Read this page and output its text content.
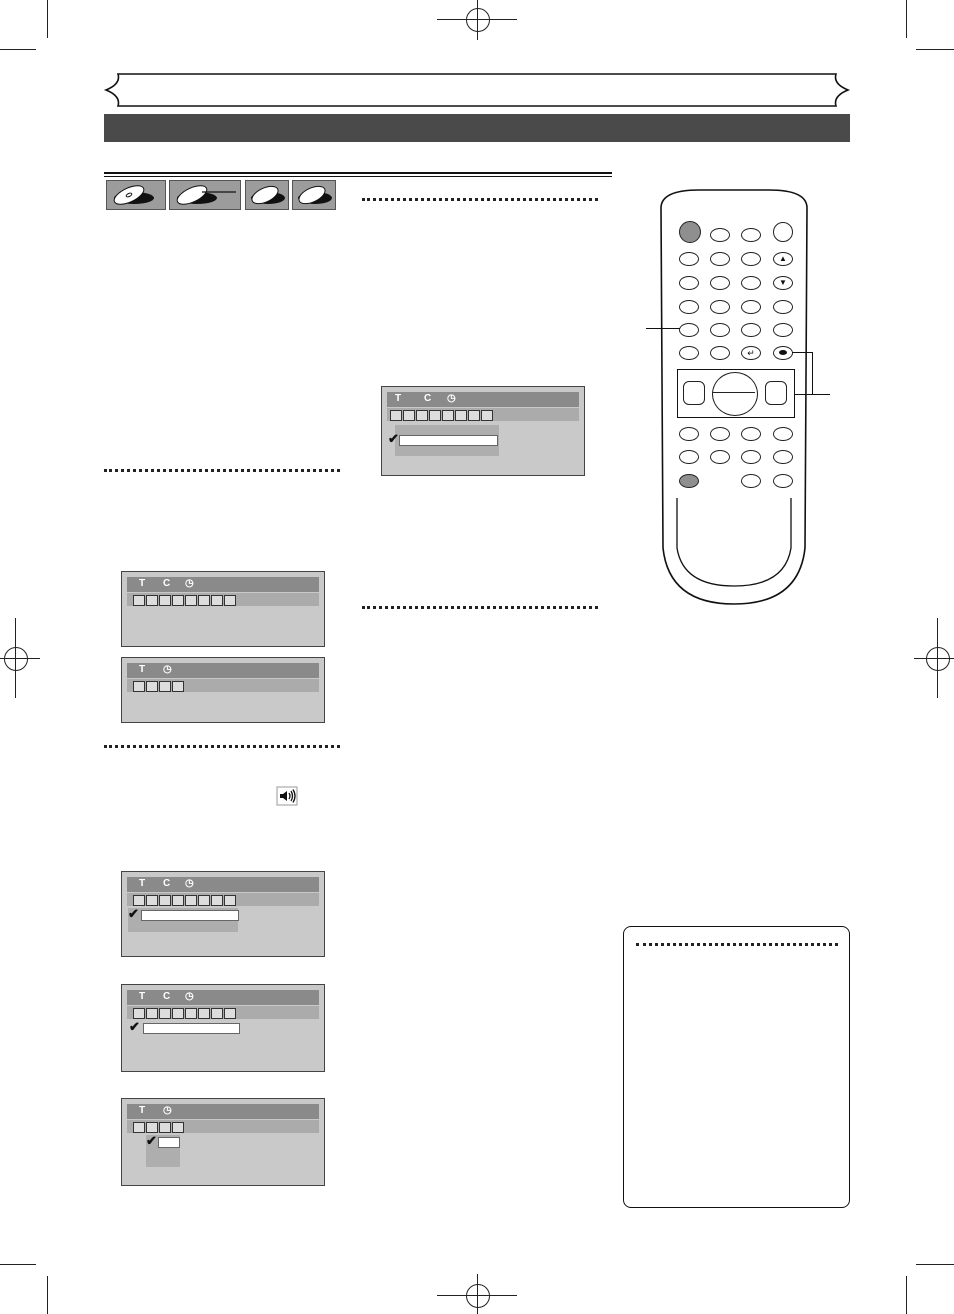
T C ◷
✔
T C ◷
T ◷
T C ◷
✔
T C ◷
✔
T ◷
✔
▲
▼
↵
